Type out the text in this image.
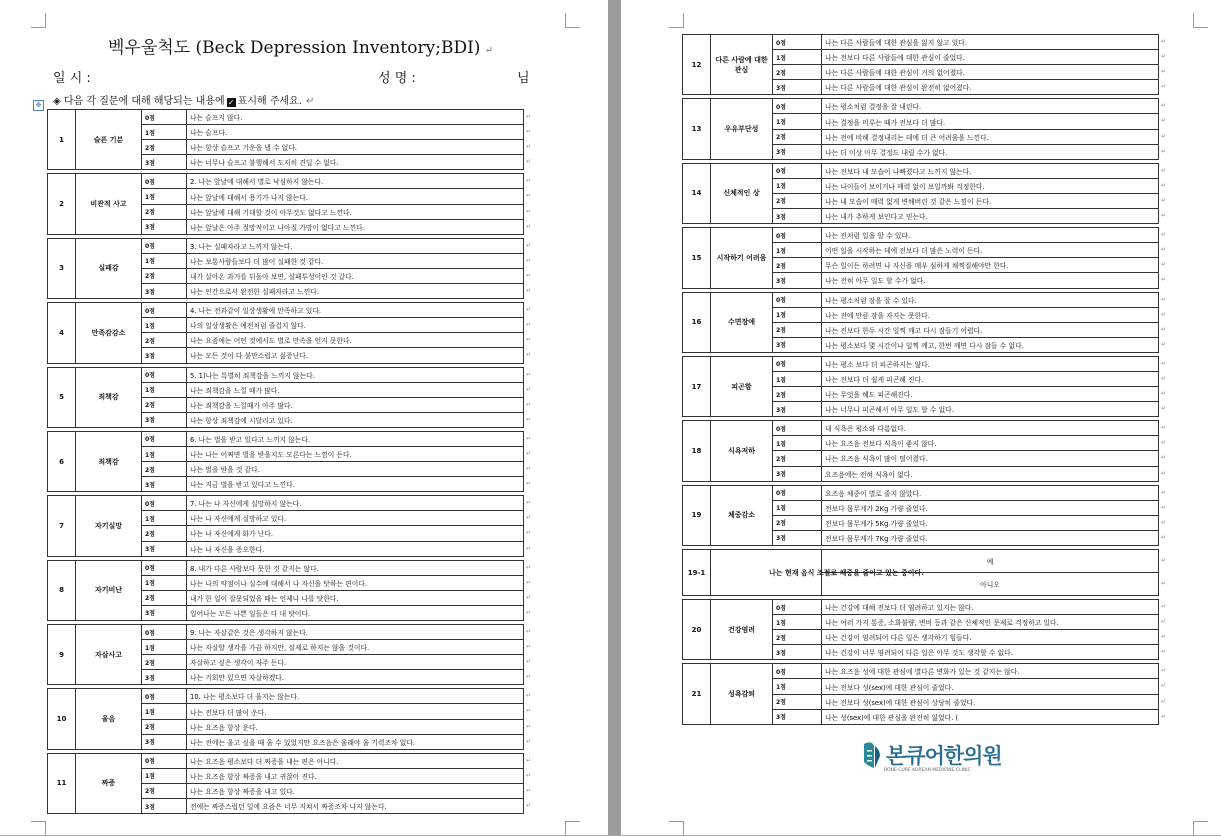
벡우울척도 (Beck Depression Inventory;BDI) ↵
일 시 :	성 명 :	님
◈ 다음 각 질문에 대해 해당되는 내용에 ✓ 표시해 주세요. ↵
✥
1	슬픈 기분	0점	나는 슬프지 않다.
		1점	나는 슬프다.
		2점	나는 항상 슬프고 기운을 낼 수 없다.
		3점	나는 너무나 슬프고 불행해서 도저히 견딜 수 없다.

2	비관적 사고	0점	2. 나는 앞날에 대해서 별로 낙심하지 않는다.
		1점	나는 앞날에 대해서 용기가 나지 않는다.
		2점	나는 앞날에 대해 기대할 것이 아무것도 없다고 느낀다.
		3점	나는 앞날은 아주 절망적이고 나아질 가망이 없다고 느낀다.

3	실패감	0점	3. 나는 실패자라고 느끼지 않는다.
		1점	나는 보통사람들보다 더 많이 실패한 것 같다.
		2점	내가 살아온 과거를 뒤돌아 보면, 실패투성이인 것 같다.
		3점	나는 인간으로서 완전한 실패자라고 느낀다.

4	만족감감소	0점	4. 나는 전과같이 일상생활에 만족하고 있다.
		1점	나의 일상생활은 예전처럼 즐겁지 않다.
		2점	나는 요즘에는 어떤 것에서도 별로 만족을 얻지 못한다.
		3점	나는 모든 것이 다 불만스럽고 싫증난다.

5	죄책감	0점	5. 1)나는 특별히 죄책감을 느끼지 않는다.
		1점	나는 죄책감을 느낄 때가 많다.
		2점	나는 죄책감을 느낄때가 아주 많다.
		3점	나는 항상 죄책감에 시달리고 있다.

6	죄책감	0점	6. 나는 벌을 받고 있다고 느끼지 않는다.
		1점	나는 나는 어쩌면 벌을 받을지도 모른다는 느낌이 든다.
		2점	나는 벌을 받을 것 같다.
		3점	나는 지금 벌을 받고 있다고 느낀다.

7	자기실망	0점	7. 나는 나 자신에게 실망하지 않는다.
		1점	나는 나 자신에게 실망하고 있다.
		2점	나는 나 자신에게 화가 난다.
		3점	나는 나 자신을 증오한다.

8	자기비난	0점	8. 내가 다른 사람보다 못한 것 같지는 않다.
		1점	나는 나의 약점이나 실수에 대해서 나 자신을 탓하는 편이다.
		2점	내가 한 일이 잘못되었을 때는 언제나 나를 탓한다.
		3점	일어나는 모든 나쁜 일들은 다 내 탓이다.

9	자살사고	0점	9. 나는 자살같은 것은 생각하지 않는다.
		1점	나는 자살할 생각을 가끔 하지만, 실제로 하지는 않을 것이다.
		2점	자살하고 싶은 생각이 자주 든다.
		3점	나는 기회만 있으면 자살하겠다.

10	울음	0점	10. 나는 평소보다 더 울지는 않는다.
		1점	나는 전보다 더 많이 운다.
		2점	나는 요즈음 항상 운다.
		3점	나는 전에는 울고 싶을 때 울 수 있었지만 요즈음은 울래야 울 기력조차 없다.

11	짜증	0점	나는 요즈음 평소보다 더 짜증을 내는 편은 아니다.
		1점	나는 요즈음 항상 짜증을 내고 귀찮아 진다.
		2점	나는 요즈음 항상 짜증을 내고 있다.
		3점	전에는 짜증스럽던 일에 요즘은 너무 지쳐서 짜증조차 나지 않는다.
↵
↵
↵
↵
↵
↵
↵
↵
↵
↵
↵
↵
↵
↵
↵
↵
↵
↵
↵
↵
↵
↵
↵
↵
↵
↵
↵
↵
↵
↵
↵
↵
↵
↵
↵
↵
↵
↵
↵
↵
↵
↵
↵
↵
12	다른 사람에 대한 관심	0점	나는 다른 사람들에 대한 관심을 잃지 않고 있다.
		1점	나는 전보다 다른 사람들에 대한 관심이 줄었다.
		2점	나는 다른 사람들에 대한 관심이 거의 없어졌다.
		3점	나는 다른 사람들에 대한 관심이 완전히 없어졌다.

13	우유부단성	0점	나는 평소처럼 결정을 잘 내린다.
		1점	나는 결정을 미루는 때가 전보다 더 많다.
		2점	나는 전에 비해 결정내리는 데에 더 큰 어려움을 느낀다.
		3점	나는 더 이상 아무 결정도 내릴 수가 없다.

14	신체적인 상	0점	나는 전보다 내 모습이 나빠졌다고 느끼지 않는다.
		1점	나는 나이들어 보이거나 매력 없이 보일까봐 걱정한다.
		2점	나는 내 모습이 매력 없게 변해버린 것 같은 느낌이 든다.
		3점	나는 내가 추하게 보인다고 믿는다.

15	시작하기 어려움	0점	나는 전처럼 일을 할 수 있다.
		1점	어떤 일을 시작하는 데에 전보다 더 많은 노력이 든다.
		2점	무슨 일이든 하려면 나 자신을 매우 심하게 채찍질해야만 한다.
		3점	나는 전혀 아무 일도 할 수가 없다.

16	수면장애	0점	나는 평소처럼 잠을 잘 수 있다.
		1점	나는 전에 만큼 잠을 자지는 못한다.
		2점	나는 전보다 한두 시간 일찍 깨고 다시 잠들기 어렵다.
		3점	나는 평소보다 몇 시간이나 일찍 깨고, 한번 깨면 다시 잠들 수 없다.

17	피곤함	0점	나는 평소 보다 더 피곤하지는 않다.
		1점	나는 전보다 더 쉽게 피곤해 진다.
		2점	나는 무엇을 해도 피곤해진다.
		3점	나는 너무나 피곤해서 아무 일도 할 수 없다.

18	식욕저하	0점	내 식욕은 평소와 다름없다.
		1점	나는 요즈음 전보다 식욕이 좋지 않다.
		2점	나는 요즈음 식욕이 많이 떨어졌다.
		3점	요즈음에는 전혀 식욕이 없다.

19	체중감소	0점	요즈음 체중이 별로 줄지 않았다.
		1점	전보다 몸무게가 2Kg 가량 줄었다.
		2점	전보다 몸무게가 5Kg 가량 줄었다.
		3점	전보다 몸무게가 7Kg 가량 줄었다.

19-1	나는 현재 음식 조절로 체중을 줄이고 있는 중이다.		예
			아니오

20	건강염려	0점	나는 건강에 대해 전보다 더 염려하고 있지는 않다.
		1점	나는 여러 가지 통증, 소화불량, 변비 등과 같은 신체적인 문제로 걱정하고 있다.
		2점	나는 건강이 염려되어 다른 일은 생각하기 힘들다.
		3점	나는 건강이 너무 염려되어 다른 일은 아무 것도 생각할 수 없다.

21	성욕감퇴	0점	나는 요즈음 성에 대한 관심에 별다른 변화가 있는 것 같지는 않다.
		1점	나는 전보다 성(sex)에 대한 관심이 줄었다.
		2점	나는 전보다 성(sex)에 대한 관심이 상당히 줄었다.
		3점	나는 성(sex)에 대한 관심을 완전히 잃었다. (
↵
↵
↵
↵
↵
↵
↵
↵
↵
↵
↵
↵
↵
↵
↵
↵
↵
↵
↵
↵
↵
↵
↵
↵
↵
↵
↵
↵
↵
↵
↵
↵
↵
↵
↵
↵
↵
↵
↵
↵
↵
↵
본큐어한의원
BONE-CURE KOREAN MEDICINE CLINIC
